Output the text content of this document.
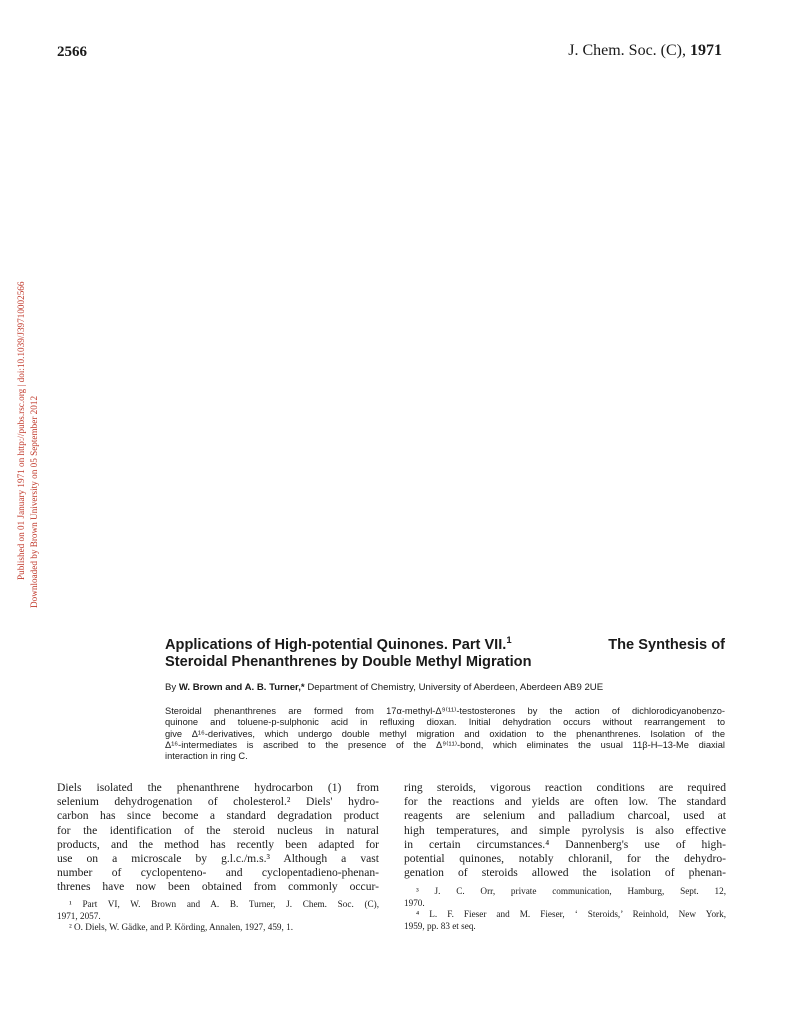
2566	J. Chem. Soc. (C), 1971
Published on 01 January 1971 on http://pubs.rsc.org | doi:10.1039/J39710002566 Downloaded by Brown University on 05 September 2012
Applications of High-potential Quinones. Part VII.$^1$	The Synthesis of
Steroidal Phenanthrenes by Double Methyl Migration
By W. Brown and A. B. Turner,* Department of Chemistry, University of Aberdeen, Aberdeen AB9 2UE
Steroidal phenanthrenes are formed from 17α-methyl-Δ⁹⁽¹¹⁾-testosterones by the action of dichlorodicyanobenzo-
quinone and toluene-p-sulphonic acid in refluxing dioxan. Initial dehydration occurs without rearrangement to
give Δ¹⁶-derivatives, which undergo double methyl migration and oxidation to the phenanthrenes. Isolation of the
Δ¹⁶-intermediates is ascribed to the presence of the Δ⁹⁽¹¹⁾-bond, which eliminates the usual 11β-H–13-Me diaxial
interaction in ring C.
Diels isolated the phenanthrene hydrocarbon (1) from
selenium dehydrogenation of cholesterol.² Diels' hydro-
carbon has since become a standard degradation product
for the identification of the steroid nucleus in natural
products, and the method has recently been adapted for
use on a microscale by g.l.c./m.s.³ Although a vast
number of cyclopenteno- and cyclopentadieno-phenan-
threnes have now been obtained from commonly occur-
ring steroids, vigorous reaction conditions are required
for the reactions and yields are often low. The standard
reagents are selenium and palladium charcoal, used at
high temperatures, and simple pyrolysis is also effective
in certain circumstances.⁴ Dannenberg's use of high-
potential quinones, notably chloranil, for the dehydro-
genation of steroids allowed the isolation of phenan-
¹ Part VI, W. Brown and A. B. Turner, J. Chem. Soc. (C),
1971, 2057.
² O. Diels, W. Gädke, and P. Körding, Annalen, 1927, 459, 1.
³ J. C. Orr, private communication, Hamburg, Sept. 12,
1970.
⁴ L. F. Fieser and M. Fieser, ‘ Steroids,’ Reinhold, New York,
1959, pp. 83 et seq.
